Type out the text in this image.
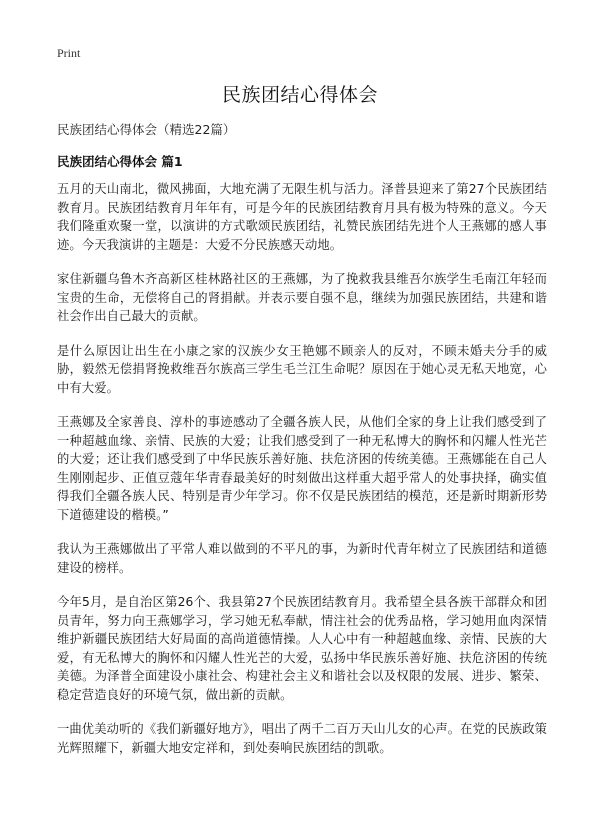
Print
民族团结心得体会
民族团结心得体会（精选22篇）
民族团结心得体会 篇1

五月的天山南北，微风拂面，大地充满了无限生机与活力。泽普县迎来了第27个民族团结教育月。民族团结教育月年年有，可是今年的民族团结教育月具有极为特殊的意义。今天我们隆重欢聚一堂，以演讲的方式歌颂民族团结，礼赞民族团结先进个人王燕娜的感人事迹。今天我演讲的主题是：大爱不分民族感天动地。

家住新疆乌鲁木齐高新区桂林路社区的王燕娜，为了挽救我县维吾尔族学生毛南江年轻而宝贵的生命，无偿将自己的肾捐献。并表示要自强不息，继续为加强民族团结，共建和谐社会作出自己最大的贡献。

是什么原因让出生在小康之家的汉族少女王艳娜不顾亲人的反对，不顾未婚夫分手的威胁，毅然无偿捐肾挽救维吾尔族高三学生毛兰江生命呢？原因在于她心灵无私天地宽，心中有大爱。

王燕娜及全家善良、淳朴的事迹感动了全疆各族人民，从他们全家的身上让我们感受到了一种超越血缘、亲情、民族的大爱；让我们感受到了一种无私博大的胸怀和闪耀人性光芒的大爱；还让我们感受到了中华民族乐善好施、扶危济困的传统美德。王燕娜能在自己人生刚刚起步、正值豆蔻年华青春最美好的时刻做出这样重大超乎常人的处事抉择，确实值得我们全疆各族人民、特别是青少年学习。你不仅是民族团结的模范，还是新时期新形势下道德建设的楷模。”

我认为王燕娜做出了平常人难以做到的不平凡的事，为新时代青年树立了民族团结和道德建设的榜样。

今年5月，是自治区第26个、我县第27个民族团结教育月。我希望全县各族干部群众和团员青年，努力向王燕娜学习，学习她无私奉献，情注社会的优秀品格，学习她用血肉深情维护新疆民族团结大好局面的高尚道德情操。人人心中有一种超越血缘、亲情、民族的大爱，有无私博大的胸怀和闪耀人性光芒的大爱，弘扬中华民族乐善好施、扶危济困的传统美德。为泽普全面建设小康社会、构建社会主义和谐社会以及权限的发展、进步、繁荣、稳定营造良好的环境气氛，做出新的贡献。

一曲优美动听的《我们新疆好地方》，唱出了两千二百万天山儿女的心声。在党的民族政策光辉照耀下，新疆大地安定祥和，到处奏响民族团结的凯歌。
